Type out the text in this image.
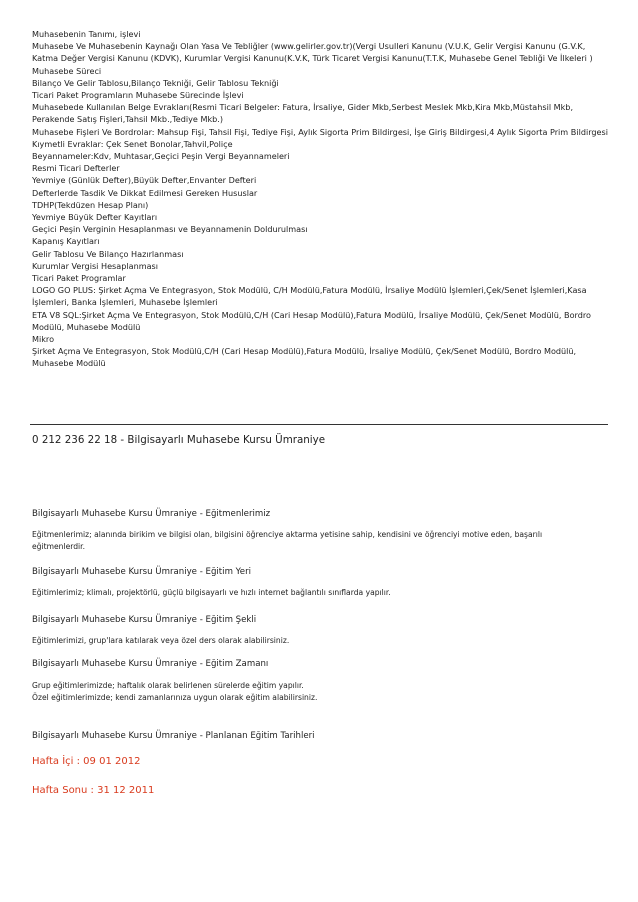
Muhasebenin Tanımı, işlevi

Muhasebe Ve Muhasebenin Kaynağı Olan Yasa Ve Tebliğler (www.gelirler.gov.tr)(Vergi Usulleri Kanunu (V.U.K, Gelir Vergisi Kanunu (G.V.K, Katma Değer Vergisi Kanunu (KDVK), Kurumlar Vergisi Kanunu(K.V.K, Türk Ticaret Vergisi Kanunu(T.T.K, Muhasebe Genel Tebliği Ve İlkeleri )

Muhasebe Süreci

Bilanço Ve Gelir Tablosu,Bilanço Tekniği, Gelir Tablosu Tekniği

Ticari Paket Programların Muhasebe Sürecinde İşlevi

Muhasebede Kullanılan Belge Evrakları(Resmi Ticari Belgeler: Fatura, İrsaliye, Gider Mkb,Serbest Meslek Mkb,Kira Mkb,Müstahsil Mkb, Perakende Satış Fişleri,Tahsil Mkb.,Tediye Mkb.)

Muhasebe Fişleri Ve Bordrolar: Mahsup Fişi, Tahsil Fişi, Tediye Fişi, Aylık Sigorta Prim Bildirgesi, İşe Giriş Bildirgesi,4 Aylık Sigorta Prim Bildirgesi

Kıymetli Evraklar: Çek Senet Bonolar,Tahvil,Poliçe

Beyannameler:Kdv, Muhtasar,Geçici Peşin Vergi Beyannameleri

Resmi Ticari Defterler

Yevmiye (Günlük Defter),Büyük Defter,Envanter Defteri

Defterlerde Tasdik Ve Dikkat Edilmesi Gereken Hususlar

TDHP(Tekdüzen Hesap Planı)

Yevmiye Büyük Defter Kayıtları

Geçici Peşin Verginin Hesaplanması ve Beyannamenin Doldurulması

Kapanış Kayıtları

Gelir Tablosu Ve Bilanço Hazırlanması

Kurumlar Vergisi Hesaplanması

Ticari Paket Programlar

LOGO GO PLUS: Şirket Açma Ve Entegrasyon, Stok Modülü, C/H Modülü,Fatura Modülü, İrsaliye Modülü İşlemleri,Çek/Senet İşlemleri,Kasa İşlemleri, Banka İşlemleri, Muhasebe İşlemleri

ETA V8 SQL:Şirket Açma Ve Entegrasyon, Stok Modülü,C/H (Cari Hesap Modülü),Fatura Modülü, İrsaliye Modülü, Çek/Senet Modülü, Bordro Modülü, Muhasebe Modülü

Mikro

Şirket Açma Ve Entegrasyon, Stok Modülü,C/H (Cari Hesap Modülü),Fatura Modülü, İrsaliye Modülü, Çek/Senet Modülü, Bordro Modülü, Muhasebe Modülü

0 212 236 22 18 - Bilgisayarlı Muhasebe Kursu Ümraniye
Bilgisayarlı Muhasebe Kursu Ümraniye - Eğitmenlerimiz

Eğitmenlerimiz; alanında birikim ve bilgisi olan, bilgisini öğrenciye aktarma yetisine sahip, kendisini ve öğrenciyi motive eden, başarılı eğitmenlerdir.

Bilgisayarlı Muhasebe Kursu Ümraniye - Eğitim Yeri

Eğitimlerimiz; klimalı, projektörlü, güçlü bilgisayarlı ve hızlı internet bağlantılı sınıflarda yapılır.

Bilgisayarlı Muhasebe Kursu Ümraniye - Eğitim Şekli

Eğitimlerimizi, grup'lara katılarak veya özel ders olarak alabilirsiniz.

Bilgisayarlı Muhasebe Kursu Ümraniye - Eğitim Zamanı

Grup eğitimlerimizde; haftalık olarak belirlenen sürelerde eğitim yapılır.

Özel eğitimlerimizde; kendi zamanlarınıza uygun olarak eğitim alabilirsiniz.

Bilgisayarlı Muhasebe Kursu Ümraniye - Planlanan Eğitim Tarihleri
Hafta İçi : 09 01 2012
Hafta Sonu : 31 12 2011
